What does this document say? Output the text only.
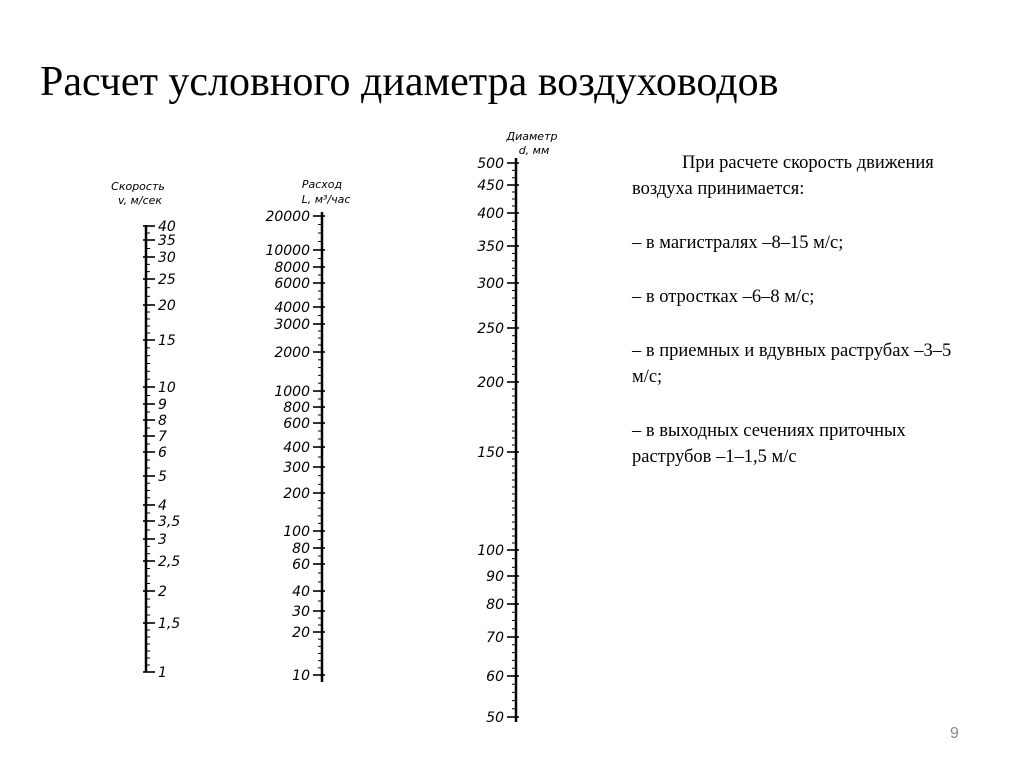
Расчет условного диаметра воздуховодов
Скорость
v, м/сек
40
35
30
25
20
15
10
9
8
7
6
5
4
3,5
3
2,5
2
1,5
1
Расход
L, м³/час
20000
10000
8000
6000
4000
3000
2000
1000
800
600
400
300
200
100
80
60
40
30
20
10
Диаметр
d, мм
500
450
400
350
300
250
200
150
100
90
80
70
60
50

При расчете скорость движения воздуха принимается:

– в магистралях –8–15 м/с;

– в отростках –6–8 м/с;

– в приемных и вдувных раструбах –3–5 м/с;

– в выходных сечениях приточных раструбов –1–1,5 м/с

9
